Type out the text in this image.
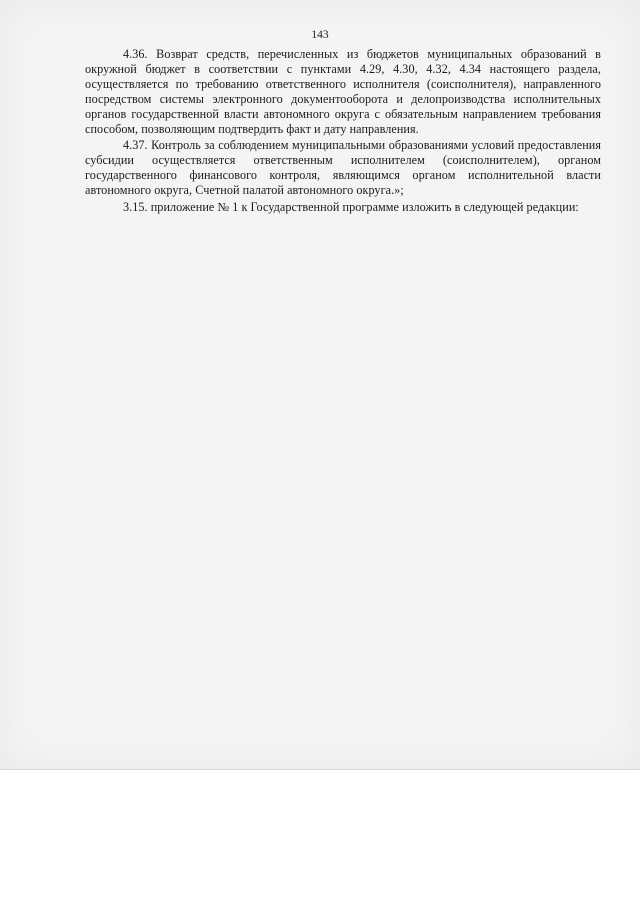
143

4.36. Возврат средств, перечисленных из бюджетов муниципальных образований в окружной бюджет в соответствии с пунктами 4.29, 4.30, 4.32, 4.34 настоящего раздела, осуществляется по требованию ответственного исполнителя (соисполнителя), направленного посредством системы электронного документооборота и делопроизводства исполнительных органов государственной власти автономного округа с обязательным направлением требования способом, позволяющим подтвердить факт и дату направления.

4.37. Контроль за соблюдением муниципальными образованиями условий предоставления субсидии осуществляется ответственным исполнителем (соисполнителем), органом государственного финансового контроля, являющимся органом исполнительной власти автономного округа, Счетной палатой автономного округа.»;

3.15. приложение № 1 к Государственной программе изложить в следующей редакции:
